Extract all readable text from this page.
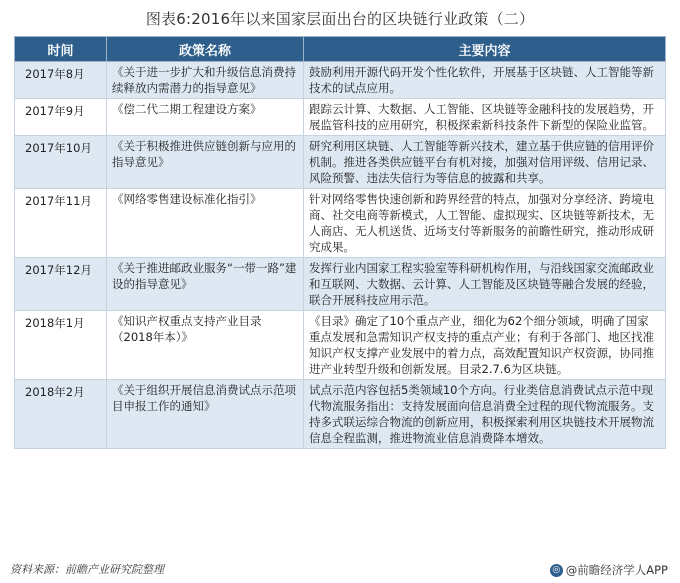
图表6:2016年以来国家层面出台的区块链行业政策（二）
时间	政策名称	主要内容
2017年8月	《关于进一步扩大和升级信息消费持续释放内需潜力的指导意见》	鼓励利用开源代码开发个性化软件，开展基于区块链、人工智能等新技术的试点应用。
2017年9月	《偿二代二期工程建设方案》	跟踪云计算、大数据、人工智能、区块链等金融科技的发展趋势，开展监管科技的应用研究，积极探索新科技条件下新型的保险业监管。
2017年10月	《关于积极推进供应链创新与应用的指导意见》	研究利用区块链、人工智能等新兴技术，建立基于供应链的信用评价机制。推进各类供应链平台有机对接，加强对信用评级、信用记录、风险预警、违法失信行为等信息的披露和共享。
2017年11月	《网络零售建设标准化指引》	针对网络零售快速创新和跨界经营的特点，加强对分享经济、跨境电商、社交电商等新模式，人工智能、虚拟现实、区块链等新技术，无人商店、无人机送货、近场支付等新服务的前瞻性研究，推动形成研究成果。
2017年12月	《关于推进邮政业服务“一带一路”建设的指导意见》	发挥行业内国家工程实验室等科研机构作用，与沿线国家交流邮政业和互联网、大数据、云计算、人工智能及区块链等融合发展的经验，联合开展科技应用示范。
2018年1月	《知识产权重点支持产业目录（2018年本）》	《目录》确定了10个重点产业，细化为62个细分领域，明确了国家重点发展和急需知识产权支持的重点产业；有利于各部门、地区找准知识产权支撑产业发展中的着力点，高效配置知识产权资源，协同推进产业转型升级和创新发展。目录2.7.6为区块链。
2018年2月	《关于组织开展信息消费试点示范项目申报工作的通知》	试点示范内容包括5类领域10个方向。行业类信息消费试点示范中现代物流服务指出：支持发展面向信息消费全过程的现代物流服务。支持多式联运综合物流的创新应用，积极探索利用区块链技术开展物流信息全程监测，推进物流业信息消费降本增效。
资料来源：前瞻产业研究院整理	◎ @前瞻经济学人APP
